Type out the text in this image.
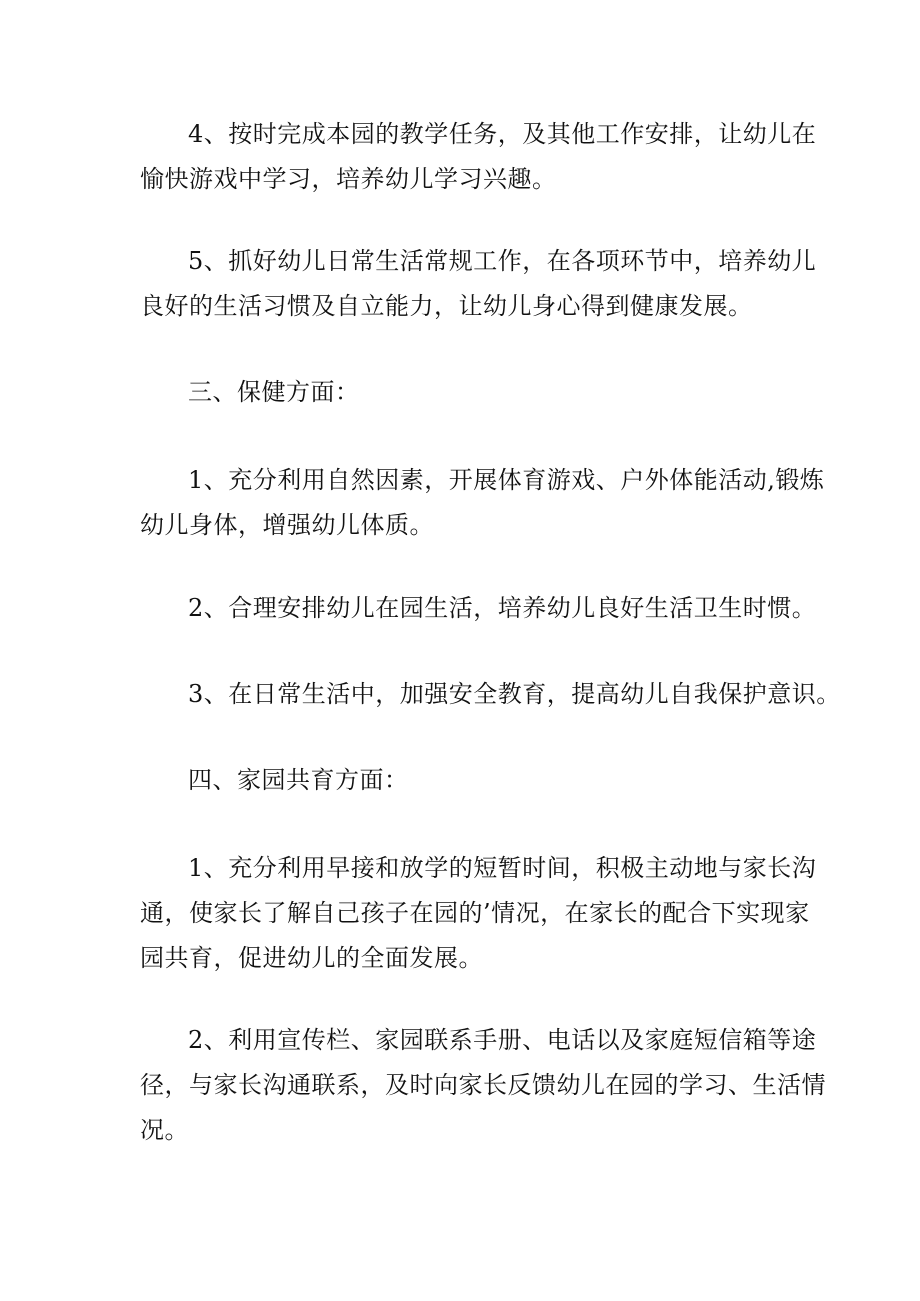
4、按时完成本园的教学任务，及其他工作安排，让幼儿在
愉快游戏中学习，培养幼儿学习兴趣。

5、抓好幼儿日常生活常规工作，在各项环节中，培养幼儿
良好的生活习惯及自立能力，让幼儿身心得到健康发展。

三、保健方面：

1、充分利用自然因素，开展体育游戏、户外体能活动,锻炼
幼儿身体，增强幼儿体质。

2、合理安排幼儿在园生活，培养幼儿良好生活卫生时惯。

3、在日常生活中，加强安全教育，提高幼儿自我保护意识。

四、家园共育方面：

1、充分利用早接和放学的短暂时间，积极主动地与家长沟
通，使家长了解自己孩子在园的’情况，在家长的配合下实现家
园共育，促进幼儿的全面发展。

2、利用宣传栏、家园联系手册、电话以及家庭短信箱等途
径，与家长沟通联系，及时向家长反馈幼儿在园的学习、生活情
况。
